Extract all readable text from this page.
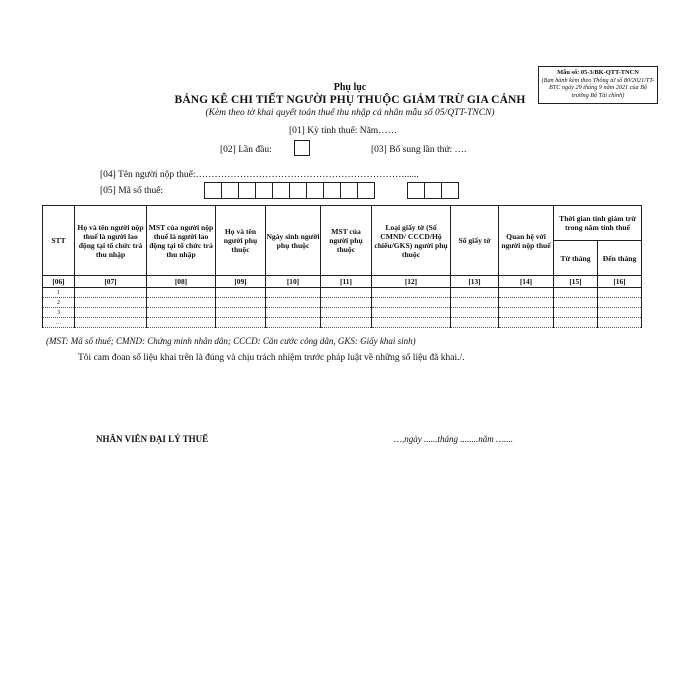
Mẫu số: 05-3/BK-QTT-TNCN
(Ban hành kèm theo Thông tư số 80/2021/TT-BTC ngày 29 tháng 9 năm 2021 của Bộ trưởng Bộ Tài chính)
Phụ lục
BẢNG KÊ CHI TIẾT NGƯỜI PHỤ THUỘC GIẢM TRỪ GIA CẢNH
(Kèm theo tờ khai quyết toán thuế thu nhập cá nhân mẫu số 05/QTT-TNCN)
[01] Kỳ tính thuế: Năm……
[02] Lần đầu:	[03] Bổ sung lần thứ: ….
[04] Tên người nộp thuế:…………………………………………………………......
[05] Mã số thuế:
STT	Họ và tên người nộp thuế là người lao động tại tổ chức trả thu nhập	MST của người nộp thuế là người lao động tại tổ chức trả thu nhập	Họ và tên người phụ thuộc	Ngày sinh người phụ thuộc	MST của người phụ thuộc	Loại giấy tờ (Số CMND/ CCCD/Hộ chiếu/GKS) người phụ thuộc	Số giấy tờ	Quan hệ với người nộp thuế	Thời gian tính giảm trừ trong năm tính thuế	
									Từ tháng	Đến tháng
[06]	[07]	[08]	[09]	[10]	[11]	[12]	[13]	[14]	[15]	[16]
1										
2										
3										
…										
(MST: Mã số thuế; CMND: Chứng minh nhân dân; CCCD: Căn cước công dân, GKS: Giấy khai sinh)
Tôi cam đoan số liệu khai trên là đúng và chịu trách nhiệm trước pháp luật về những số liệu đã khai./.
NHÂN VIÊN ĐẠI LÝ THUẾ	…,ngày ......tháng ........năm …....
